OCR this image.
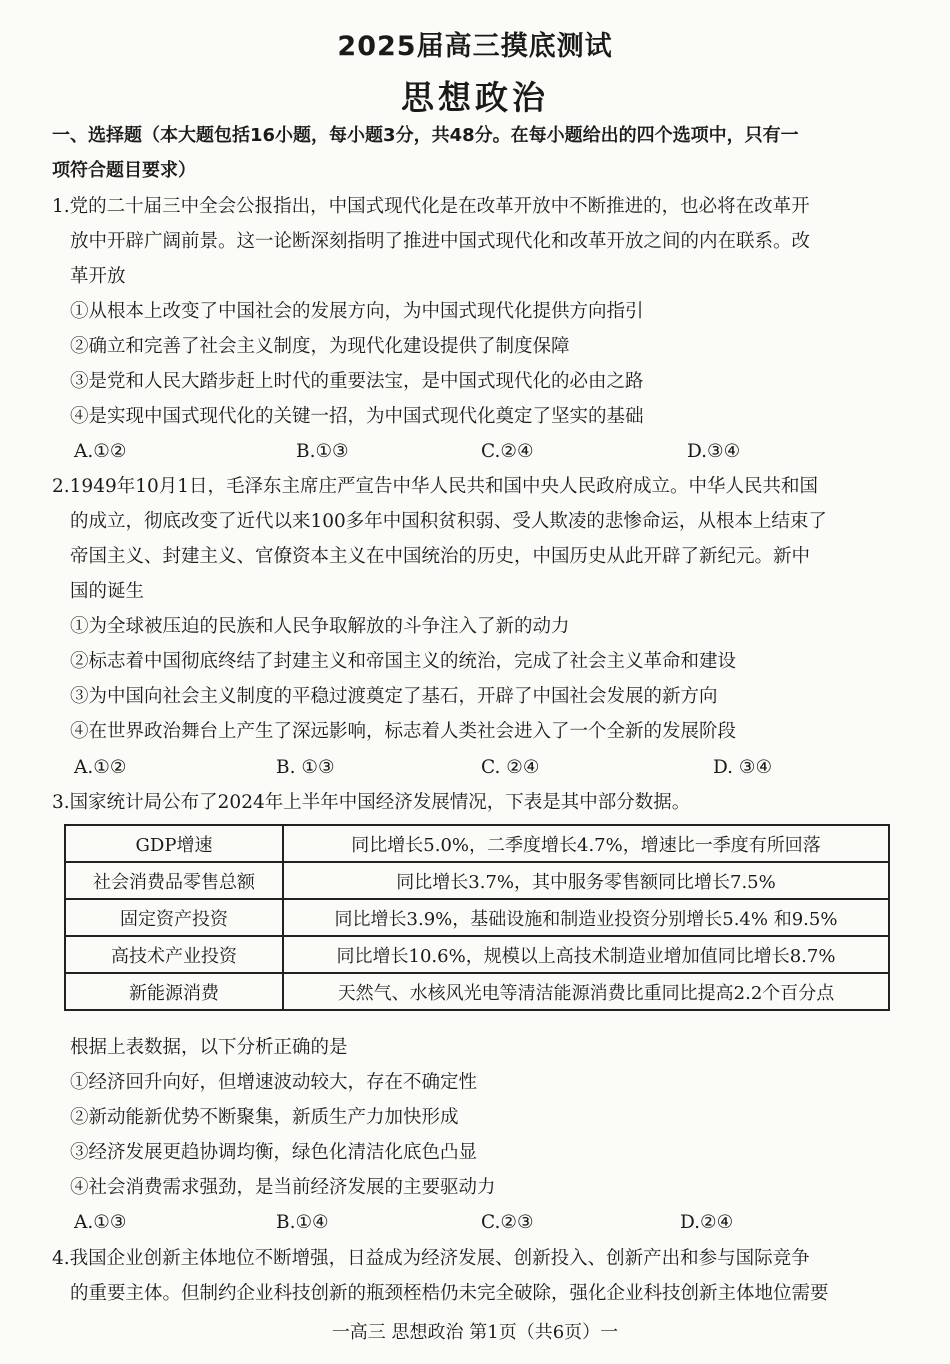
2025届高三摸底测试
思想政治
一、选择题（本大题包括16小题，每小题3分，共48分。在每小题给出的四个选项中，只有一
项符合题目要求）
1.党的二十届三中全会公报指出，中国式现代化是在改革开放中不断推进的，也必将在改革开
放中开辟广阔前景。这一论断深刻指明了推进中国式现代化和改革开放之间的内在联系。改
革开放
①从根本上改变了中国社会的发展方向，为中国式现代化提供方向指引
②确立和完善了社会主义制度，为现代化建设提供了制度保障
③是党和人民大踏步赶上时代的重要法宝，是中国式现代化的必由之路
④是实现中国式现代化的关键一招，为中国式现代化奠定了坚实的基础
A.①②	B.①③	C.②④	D.③④
2.1949年10月1日，毛泽东主席庄严宣告中华人民共和国中央人民政府成立。中华人民共和国
的成立，彻底改变了近代以来100多年中国积贫积弱、受人欺凌的悲惨命运，从根本上结束了
帝国主义、封建主义、官僚资本主义在中国统治的历史，中国历史从此开辟了新纪元。新中
国的诞生
①为全球被压迫的民族和人民争取解放的斗争注入了新的动力
②标志着中国彻底终结了封建主义和帝国主义的统治，完成了社会主义革命和建设
③为中国向社会主义制度的平稳过渡奠定了基石，开辟了中国社会发展的新方向
④在世界政治舞台上产生了深远影响，标志着人类社会进入了一个全新的发展阶段
A.①②	B. ①③	C. ②④	D. ③④
3.国家统计局公布了2024年上半年中国经济发展情况，下表是其中部分数据。
GDP增速	同比增长5.0%，二季度增长4.7%，增速比一季度有所回落
社会消费品零售总额	同比增长3.7%，其中服务零售额同比增长7.5%
固定资产投资	同比增长3.9%，基础设施和制造业投资分别增长5.4% 和9.5%
高技术产业投资	同比增长10.6%，规模以上高技术制造业增加值同比增长8.7%
新能源消费	天然气、水核风光电等清洁能源消费比重同比提高2.2个百分点
根据上表数据，以下分析正确的是
①经济回升向好，但增速波动较大，存在不确定性
②新动能新优势不断聚集，新质生产力加快形成
③经济发展更趋协调均衡，绿色化清洁化底色凸显
④社会消费需求强劲，是当前经济发展的主要驱动力
A.①③	B.①④	C.②③	D.②④
4.我国企业创新主体地位不断增强，日益成为经济发展、创新投入、创新产出和参与国际竞争
的重要主体。但制约企业科技创新的瓶颈桎梏仍未完全破除，强化企业科技创新主体地位需要
一高三 思想政治 第1页（共6页）一
